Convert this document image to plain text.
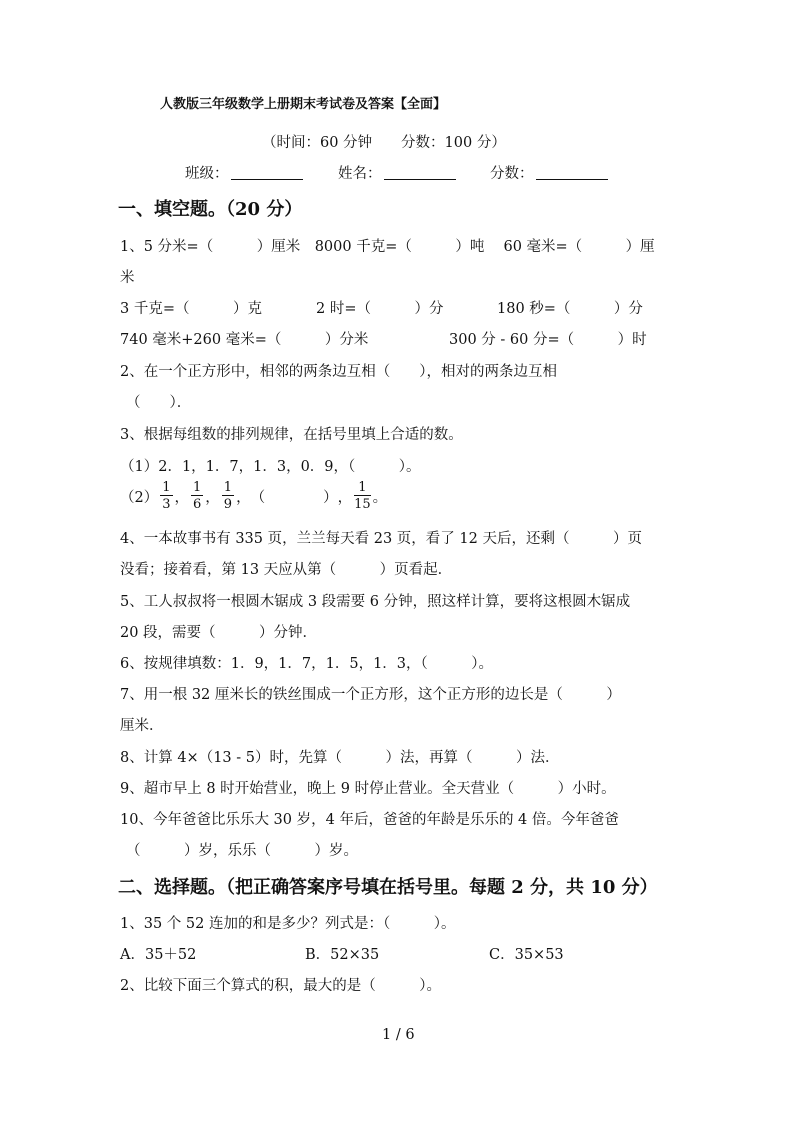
人教版三年级数学上册期末考试卷及答案【全面】
（时间：60 分钟　　分数：100 分）
班级：	姓名：	分数：
一、填空题。（20 分）
1、5 分米=（　　　）厘米　8000 千克=（　　　）吨　 60 毫米=（　　　）厘
米
3 千克=（　　　）克	2 时=（　　　）分	180 秒=（　　　）分
740 毫米+260 毫米=（　　　）分米	300 分 - 60 分=（　　　）时
2、在一个正方形中，相邻的两条边互相（　　），相对的两条边互相
（　　）．
3、根据每组数的排列规律，在括号里填上合适的数。
（1）2．1，1．7，1．3，0．9，（　　　）。
$(2) \frac{1}{3}$ ， $\frac{1}{6}$ ， $\frac{1}{9}$ ， （　　　　） ， $\frac{1}{15}$ 。
4、一本故事书有 335 页，兰兰每天看 23 页，看了 12 天后，还剩（　　　）页
没看；接着看，第 13 天应从第（　　　）页看起．
5、工人叔叔将一根圆木锯成 3 段需要 6 分钟，照这样计算，要将这根圆木锯成
20 段，需要（　　　）分钟．
6、按规律填数：1．9，1．7，1．5，1．3，（　　　）。
7、用一根 32 厘米长的铁丝围成一个正方形，这个正方形的边长是（　　　）
厘米．
8、计算 4×（13 - 5）时，先算（　　　）法，再算（　　　）法．
9、超市早上 8 时开始营业，晚上 9 时停止营业。全天营业（　　　）小时。
10、今年爸爸比乐乐大 30 岁，4 年后，爸爸的年龄是乐乐的 4 倍。今年爸爸
（　　　）岁，乐乐（　　　）岁。
二、选择题。（把正确答案序号填在括号里。每题 2 分，共 10 分）
1、35 个 52 连加的和是多少？列式是：（　　　）。
A．35＋52	B．52×35	C．35×53
2、比较下面三个算式的积，最大的是（　　　）。
1 / 6
